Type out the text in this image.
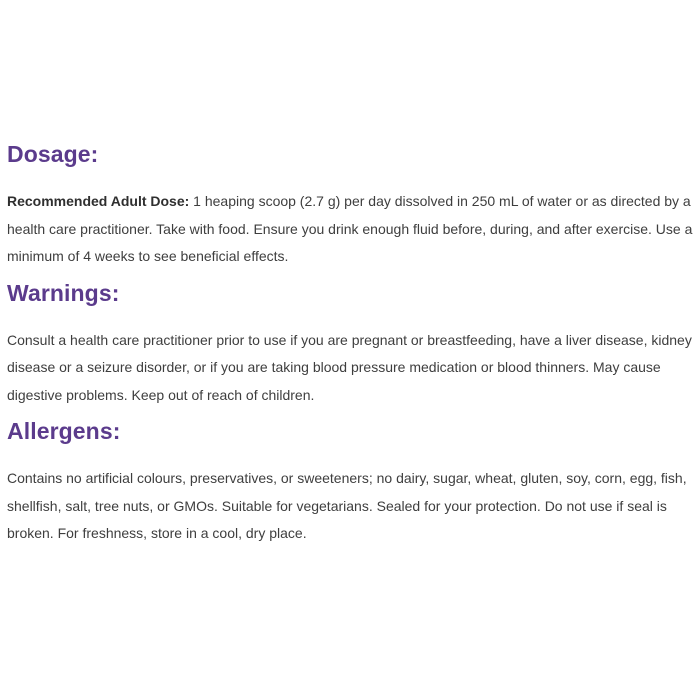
Dosage:

Recommended Adult Dose: 1 heaping scoop (2.7 g) per day dissolved in 250 mL of water or as directed by a health care practitioner. Take with food. Ensure you drink enough fluid before, during, and after exercise. Use a minimum of 4 weeks to see beneficial effects.

Warnings:

Consult a health care practitioner prior to use if you are pregnant or breastfeeding, have a liver disease, kidney disease or a seizure disorder, or if you are taking blood pressure medication or blood thinners. May cause digestive problems. Keep out of reach of children.

Allergens:

Contains no artificial colours, preservatives, or sweeteners; no dairy, sugar, wheat, gluten, soy, corn, egg, fish, shellfish, salt, tree nuts, or GMOs. Suitable for vegetarians. Sealed for your protection. Do not use if seal is broken. For freshness, store in a cool, dry place.
